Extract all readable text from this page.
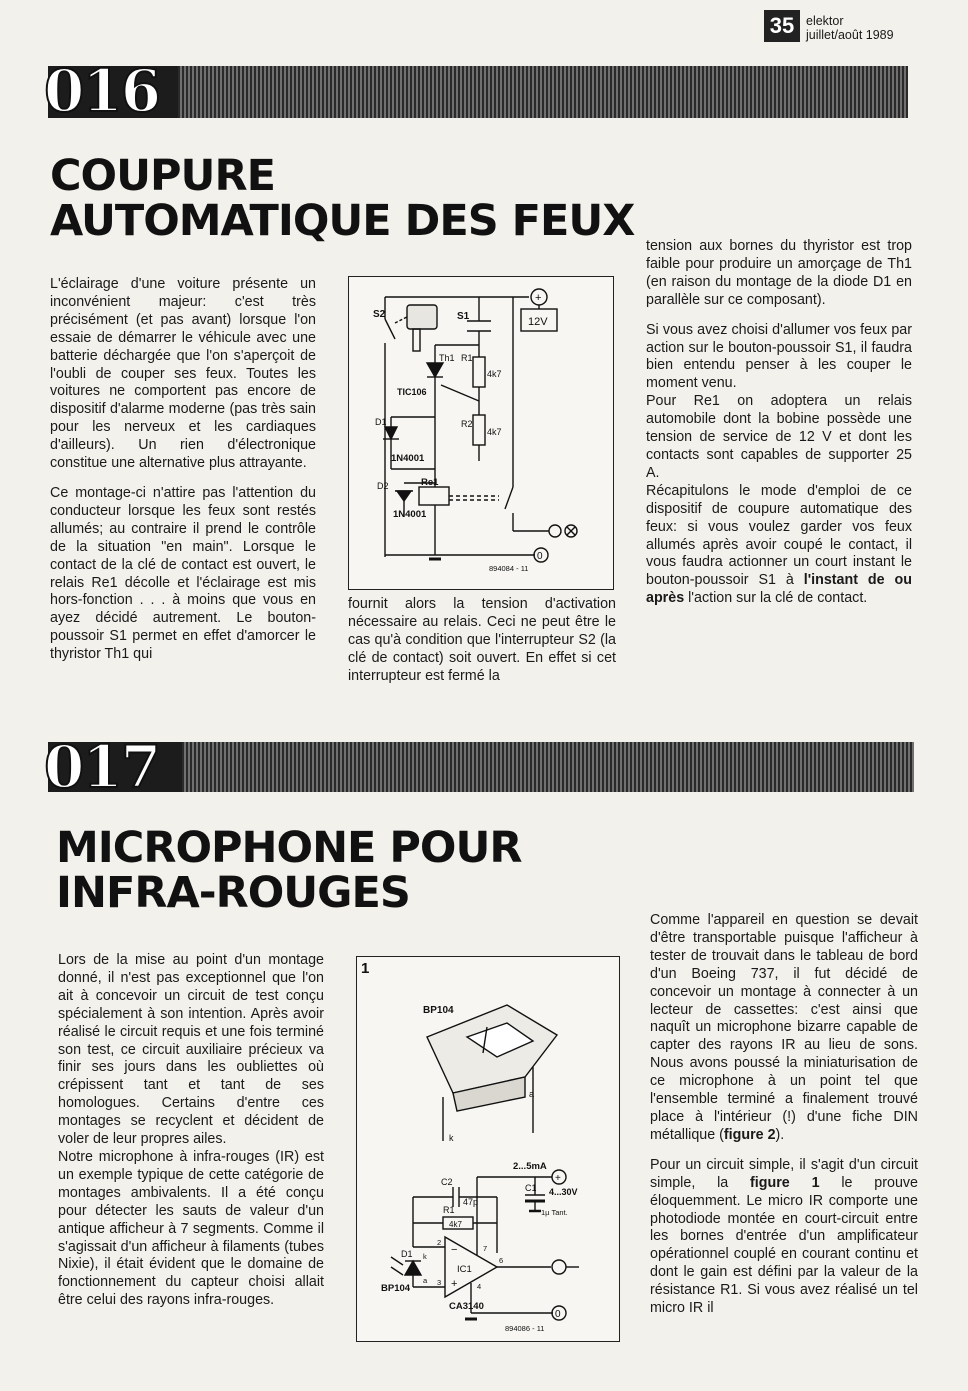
35 elektor
juillet/août 1989
016
COUPURE
AUTOMATIQUE DES FEUX

L'éclairage d'une voiture présente un inconvénient majeur: c'est très précisément (et pas avant) lorsque l'on essaie de démarrer le véhicule avec une batterie déchargée que l'on s'aperçoit de l'oubli de couper ses feux. Toutes les voitures ne comportent pas encore de dispositif d'alarme moderne (pas très sain pour les nerveux et les cardiaques d'ailleurs). Un rien d'électronique constitue une alternative plus attrayante.

Ce montage-ci n'attire pas l'attention du conducteur lorsque les feux sont restés allumés; au contraire il prend le contrôle de la situation "en main". Lorsque le contact de la clé de contact est ouvert, le relais Re1 décolle et l'éclairage est mis hors-fonction . . . à moins que vous en ayez décidé autrement. Le bouton-poussoir S1 permet en effet d'amorcer le thyristor Th1 qui

+
S2	S1	12V
Th1
TIC106
R1
4k7
R2
4k7
D1
1N4001
D2	Re1
1N4001
0
894084 - 11

fournit alors la tension d'activation nécessaire au relais. Ceci ne peut être le cas qu'à condition que l'interrupteur S2 (la clé de contact) soit ouvert. En effet si cet interrupteur est fermé la

tension aux bornes du thyristor est trop faible pour produire un amorçage de Th1 (en raison du montage de la diode D1 en parallèle sur ce composant).

Si vous avez choisi d'allumer vos feux par action sur le bouton-poussoir S1, il faudra bien entendu penser à les couper le moment venu.

Pour Re1 on adoptera un relais automobile dont la bobine possède une tension de service de 12 V et dont les contacts sont capables de supporter 25 A.

Récapitulons le mode d'emploi de ce dispositif de coupure automatique des feux: si vous voulez garder vos feux allumés après avoir coupé le contact, il vous faudra actionner un court instant le bouton-poussoir S1 à l'instant de ou après l'action sur la clé de contact.

017
MICROPHONE POUR
INFRA-ROUGES

Lors de la mise au point d'un montage donné, il n'est pas exceptionnel que l'on ait à concevoir un circuit de test conçu spécialement à son intention. Après avoir réalisé le circuit requis et une fois terminé son test, ce circuit auxiliaire précieux va finir ses jours dans les oubliettes où crépissent tant et tant de ses homologues. Certains d'entre ces montages se recyclent et décident de voler de leur propres ailes.

Notre microphone à infra-rouges (IR) est un exemple typique de cette catégorie de montages ambivalents. Il a été conçu pour détecter les sauts de valeur d'un antique afficheur à 7 segments. Comme il s'agissait d'un afficheur à filaments (tubes Nixie), il était évident que le domaine de fonctionnement du capteur choisi allait être celui des rayons infra-rouges.

1
BP104
a
k
2...5mA
+
C1 4...30V
1µ Tant.
C2
47p
R1
4k7
−
+
IC1
CA3140
2
3	4
6
7
D1
BP104
k
a
0
894086 - 11

Comme l'appareil en question se devait d'être transportable puisque l'afficheur à tester de trouvait dans le tableau de bord d'un Boeing 737, il fut décidé de concevoir un montage à connecter à un lecteur de cassettes: c'est ainsi que naquît un microphone bizarre capable de capter des rayons IR au lieu de sons. Nous avons poussé la miniaturisation de ce microphone à un point tel que l'ensemble terminé a finalement trouvé place à l'intérieur (!) d'une fiche DIN métallique (figure 2).

Pour un circuit simple, il s'agit d'un circuit simple, la figure 1 le prouve éloquemment. Le micro IR comporte une photodiode montée en court-circuit entre les bornes d'entrée d'un amplificateur opérationnel couplé en courant continu et dont le gain est défini par la valeur de la résistance R1. Si vous avez réalisé un tel micro IR il
